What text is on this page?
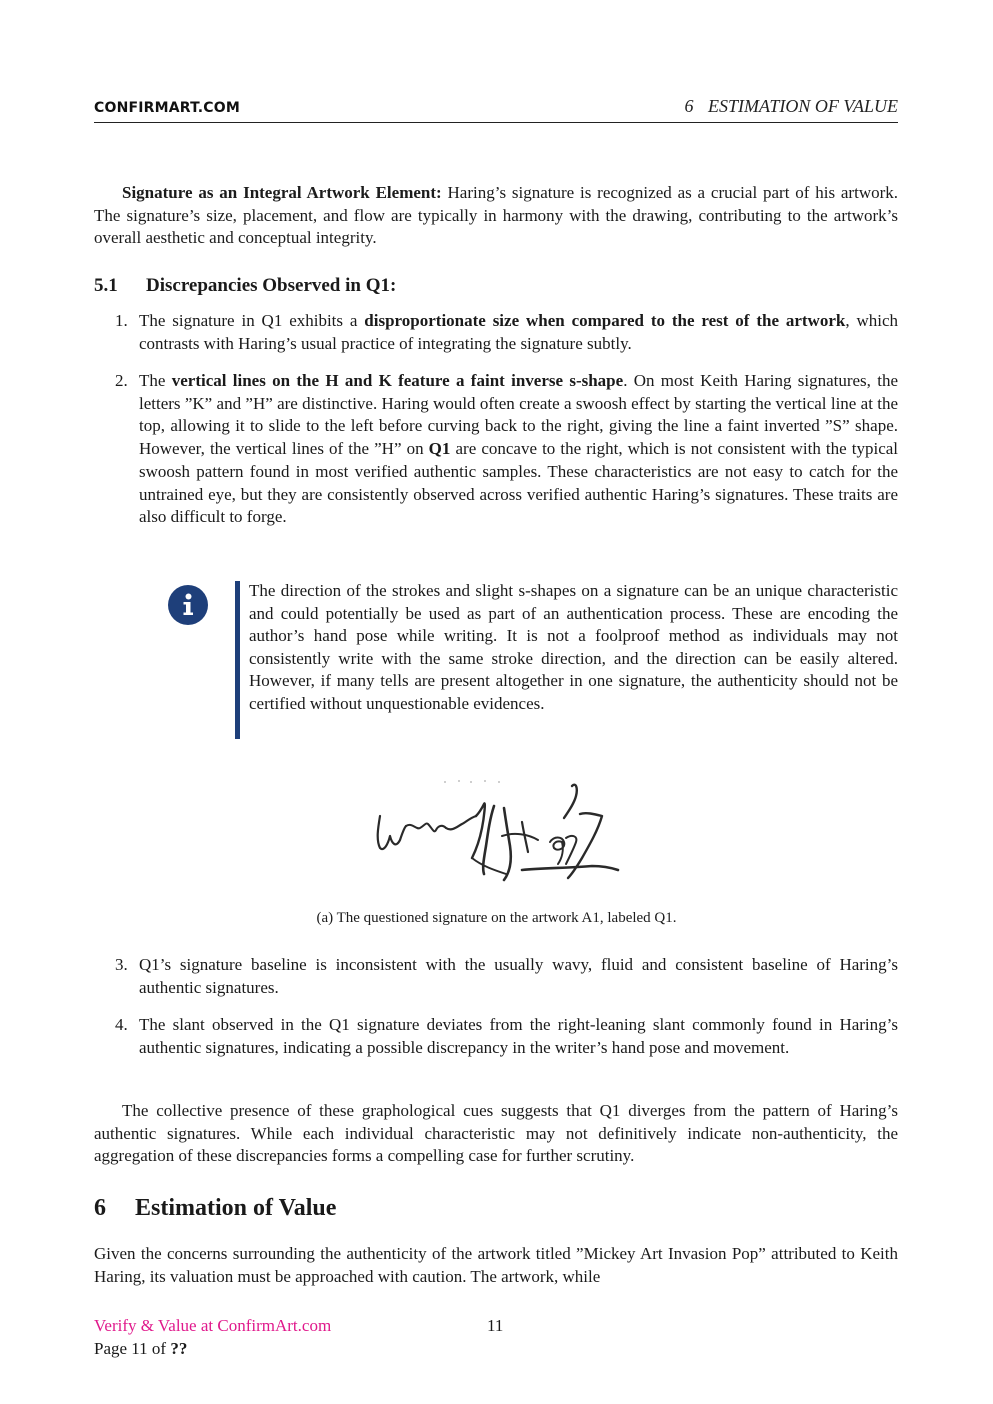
CONFIRMART.COM	6 ESTIMATION OF VALUE

Signature as an Integral Artwork Element: Haring’s signature is recognized as a crucial part of his artwork. The signature’s size, placement, and flow are typically in harmony with the drawing, contributing to the artwork’s overall aesthetic and conceptual integrity.

5.1 Discrepancies Observed in Q1:
1. The signature in Q1 exhibits a disproportionate size when compared to the rest of the artwork, which contrasts with Haring’s usual practice of integrating the signature subtly.
2. The vertical lines on the H and K feature a faint inverse s-shape. On most Keith Haring signatures, the letters ”K” and ”H” are distinctive. Haring would often create a swoosh effect by starting the vertical line at the top, allowing it to slide to the left before curving back to the right, giving the line a faint inverted ”S” shape. However, the vertical lines of the ”H” on Q1 are concave to the right, which is not consistent with the typical swoosh pattern found in most verified authentic samples. These characteristics are not easy to catch for the untrained eye, but they are consistently observed across verified authentic Haring’s signatures. These traits are also difficult to forge.
The direction of the strokes and slight s-shapes on a signature can be an unique characteristic and could potentially be used as part of an authentication process. These are encoding the author’s hand pose while writing. It is not a foolproof method as individuals may not consistently write with the same stroke direction, and the direction can be easily altered. However, if many tells are present altogether in one signature, the authenticity should not be certified without unquestionable evidences.
(a) The questioned signature on the artwork A1, labeled Q1.
3. Q1’s signature baseline is inconsistent with the usually wavy, fluid and consistent baseline of Haring’s authentic signatures.
4. The slant observed in the Q1 signature deviates from the right-leaning slant commonly found in Haring’s authentic signatures, indicating a possible discrepancy in the writer’s hand pose and movement.

The collective presence of these graphological cues suggests that Q1 diverges from the pattern of Haring’s authentic signatures. While each individual characteristic may not definitively indicate non-authenticity, the aggregation of these discrepancies forms a compelling case for further scrutiny.

6 Estimation of Value

Given the concerns surrounding the authenticity of the artwork titled ”Mickey Art Invasion Pop” attributed to Keith Haring, its valuation must be approached with caution. The artwork, while

Verify & Value at ConfirmArt.com	11
Page 11 of ??
